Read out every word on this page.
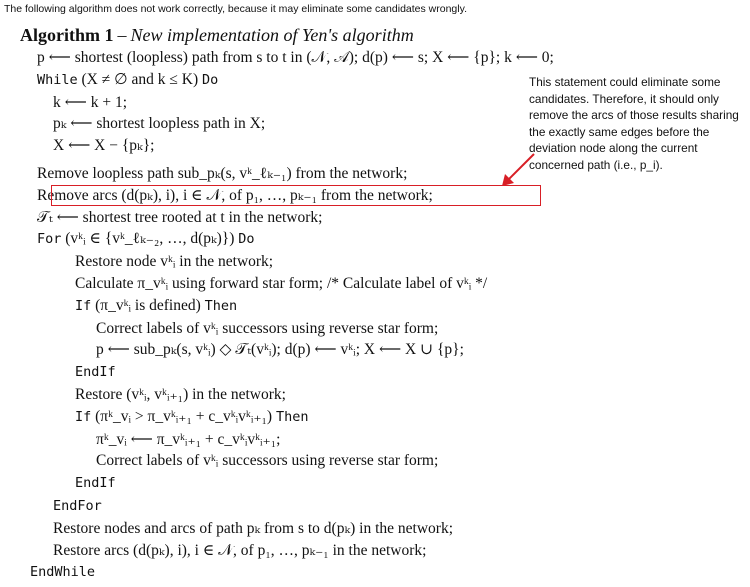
The following algorithm does not work correctly, because it may eliminate some candidates wrongly.
Algorithm 1 – New implementation of Yen's algorithm
p ⟵ shortest (loopless) path from s to t in (𝒩, 𝒜); d(p) ⟵ s; X ⟵ {p}; k ⟵ 0;
While (X ≠ ∅ and k ≤ K) Do
k ⟵ k + 1;
pₖ ⟵ shortest loopless path in X;
X ⟵ X − {pₖ};
Remove loopless path sub_pₖ(s, vᵏ_ℓₖ₋₁) from the network;
Remove arcs (d(pₖ), i), i ∈ 𝒩, of p₁, …, pₖ₋₁ from the network;
𝒯ₜ ⟵ shortest tree rooted at t in the network;
For (vᵏᵢ ∈ {vᵏ_ℓₖ₋₂, …, d(pₖ)}) Do
Restore node vᵏᵢ in the network;
Calculate π_vᵏᵢ using forward star form; /* Calculate label of vᵏᵢ */
If (π_vᵏᵢ is defined) Then
Correct labels of vᵏᵢ successors using reverse star form;
p ⟵ sub_pₖ(s, vᵏᵢ) ◇ 𝒯ₜ(vᵏᵢ); d(p) ⟵ vᵏᵢ; X ⟵ X ∪ {p};
EndIf
Restore (vᵏᵢ, vᵏᵢ₊₁) in the network;
If (πᵏ_vᵢ > π_vᵏᵢ₊₁ + c_vᵏᵢvᵏᵢ₊₁) Then
πᵏ_vᵢ ⟵ π_vᵏᵢ₊₁ + c_vᵏᵢvᵏᵢ₊₁;
Correct labels of vᵏᵢ successors using reverse star form;
EndIf
EndFor
Restore nodes and arcs of path pₖ from s to d(pₖ) in the network;
Restore arcs (d(pₖ), i), i ∈ 𝒩, of p₁, …, pₖ₋₁ in the network;
EndWhile
This statement could eliminate some candidates. Therefore, it should only remove the arcs of those results sharing the exactly same edges before the deviation node along the current concerned path (i.e., p_i).
